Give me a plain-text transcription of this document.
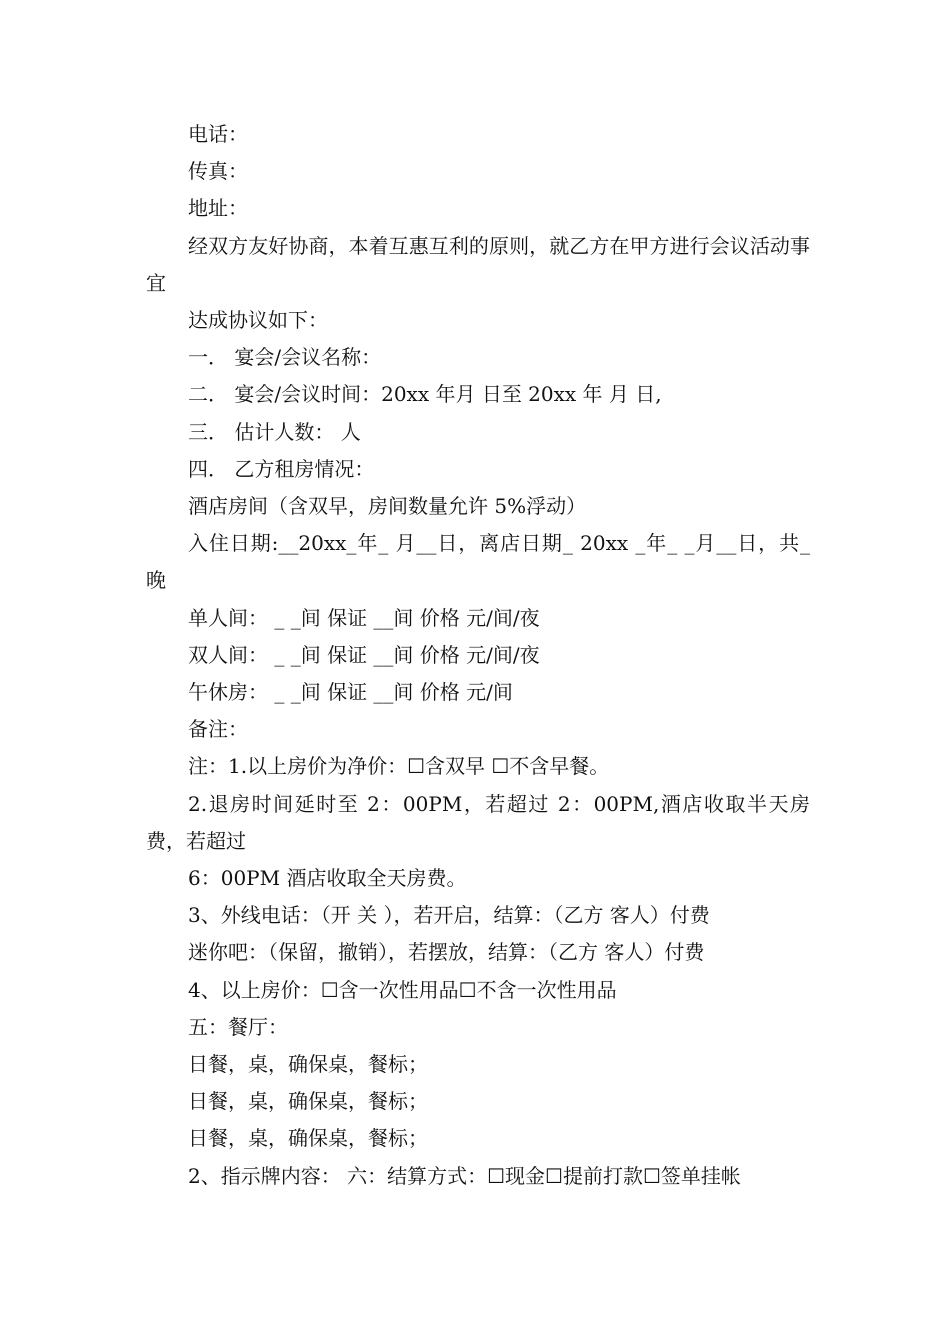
电话：

传真：

地址：

经双方友好协商，本着互惠互利的原则，就乙方在甲方进行会议活动事宜

达成协议如下：

一． 宴会/会议名称：

二． 宴会/会议时间：20xx 年月 日至 20xx 年 月 日,

三． 估计人数： 人

四． 乙方租房情况：

酒店房间（含双早，房间数量允许 5%浮动）

入住日期:__20xx_年_ 月__日，离店日期_ 20xx _年_ _月__日，共_ 晚

单人间： _ _间 保证 __间 价格 元/间/夜

双人间： _ _间 保证 __间 价格 元/间/夜

午休房： _ _间 保证 __间 价格 元/间

备注：

注：1.以上房价为净价：☐含双早 ☐不含早餐。

2.退房时间延时至 2：00PM，若超过 2：00PM,酒店收取半天房费，若超过

6：00PM 酒店收取全天房费。

3、外线电话：（开 关 ），若开启，结算：（乙方 客人）付费

迷你吧：（保留，撤销），若摆放，结算：（乙方 客人）付费

4、以上房价：☐含一次性用品☐不含一次性用品

五：餐厅：

日餐，桌，确保桌，餐标；

日餐，桌，确保桌，餐标；

日餐，桌，确保桌，餐标；

2、指示牌内容： 六：结算方式：☐现金☐提前打款☐签单挂帐
